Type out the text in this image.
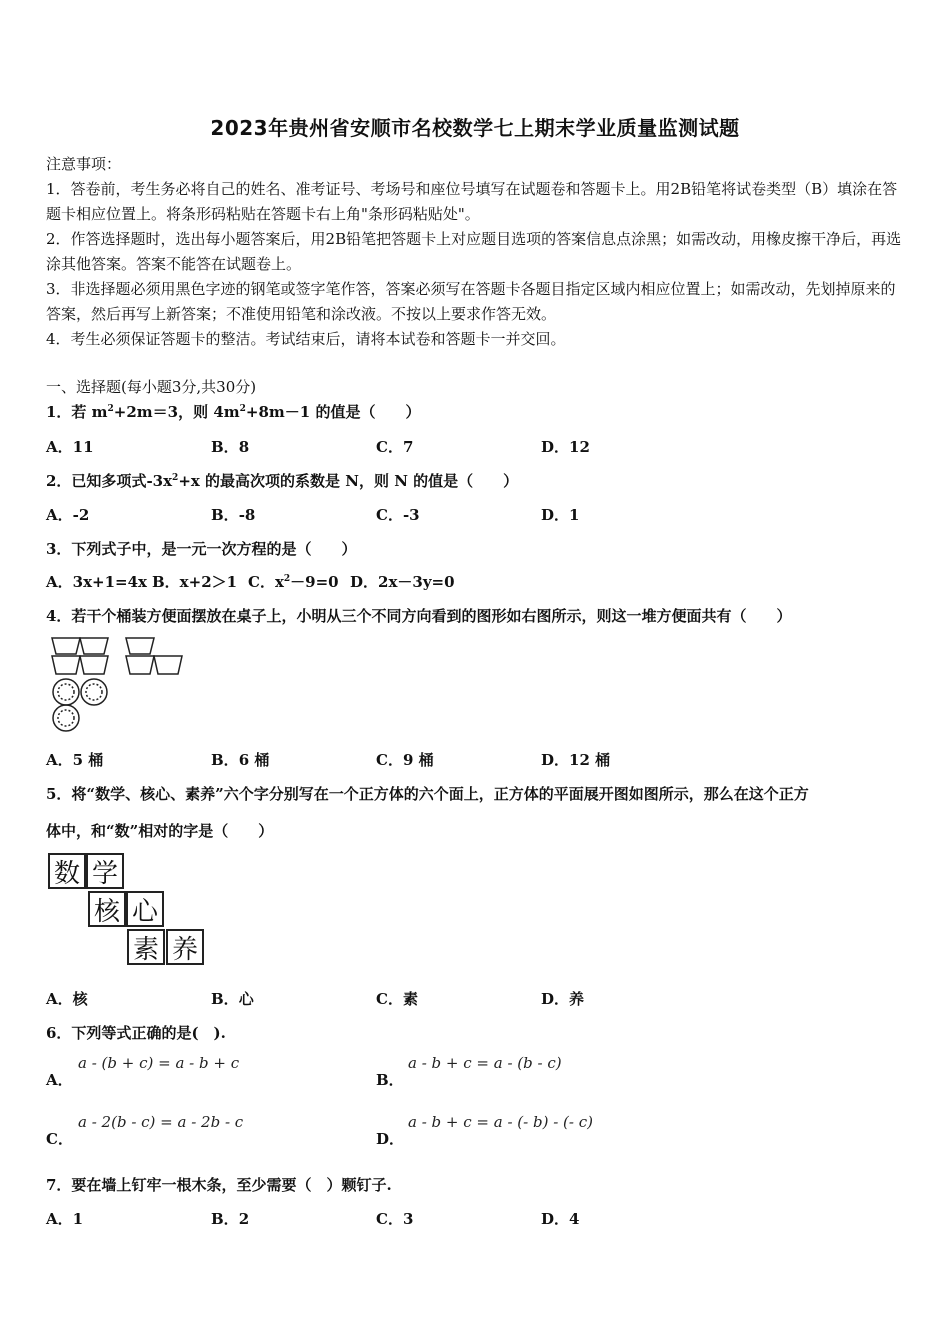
2023年贵州省安顺市名校数学七上期末学业质量监测试题

注意事项：

1．答卷前，考生务必将自己的姓名、准考证号、考场号和座位号填写在试题卷和答题卡上。用2B铅笔将试卷类型（B）填涂在答题卡相应位置上。将条形码粘贴在答题卡右上角"条形码粘贴处"。

2．作答选择题时，选出每小题答案后，用2B铅笔把答题卡上对应题目选项的答案信息点涂黑；如需改动，用橡皮擦干净后，再选涂其他答案。答案不能答在试题卷上。

3．非选择题必须用黑色字迹的钢笔或签字笔作答，答案必须写在答题卡各题目指定区域内相应位置上；如需改动，先划掉原来的答案，然后再写上新答案；不准使用铅笔和涂改液。不按以上要求作答无效。

4．考生必须保证答题卡的整洁。考试结束后，请将本试卷和答题卡一并交回。

一、选择题(每小题3分,共30分)
1．若 $m^2+2m=3$，则 $4m^2+8m-1$ 的值是（　　）
A．11	B．8	C．7	D．12
2．已知多项式$-3x^2+x$ 的最高次项的系数是 N，则 N 的值是（　　）
A．-2	B．-8	C．-3	D．1
3．下列式子中，是一元一次方程的是（　　）
A．3x+1=4x B．x+2＞1 C．$x^2-9=0$ D．2x－3y=0
4．若干个桶装方便面摆放在桌子上，小明从三个不同方向看到的图形如右图所示，则这一堆方便面共有（　　）
A．5 桶	B．6 桶	C．9 桶	D．12 桶
5．将“数学、核心、素养”六个字分别写在一个正方体的六个面上，正方体的平面展开图如图所示，那么在这个正方
体中，和“数”相对的字是（　　）
数 学
核 心
素 养
A．核	B．心	C．素	D．养
6．下列等式正确的是(　).
A．
a - (b + c) = a - b + c
B．
a - b + c = a - (b - c)
C．
a - 2(b - c) = a - 2b - c
D．
a - b + c = a - (- b) - (- c)
7．要在墙上钉牢一根木条，至少需要（　）颗钉子.
A．1	B．2	C．3	D．4
